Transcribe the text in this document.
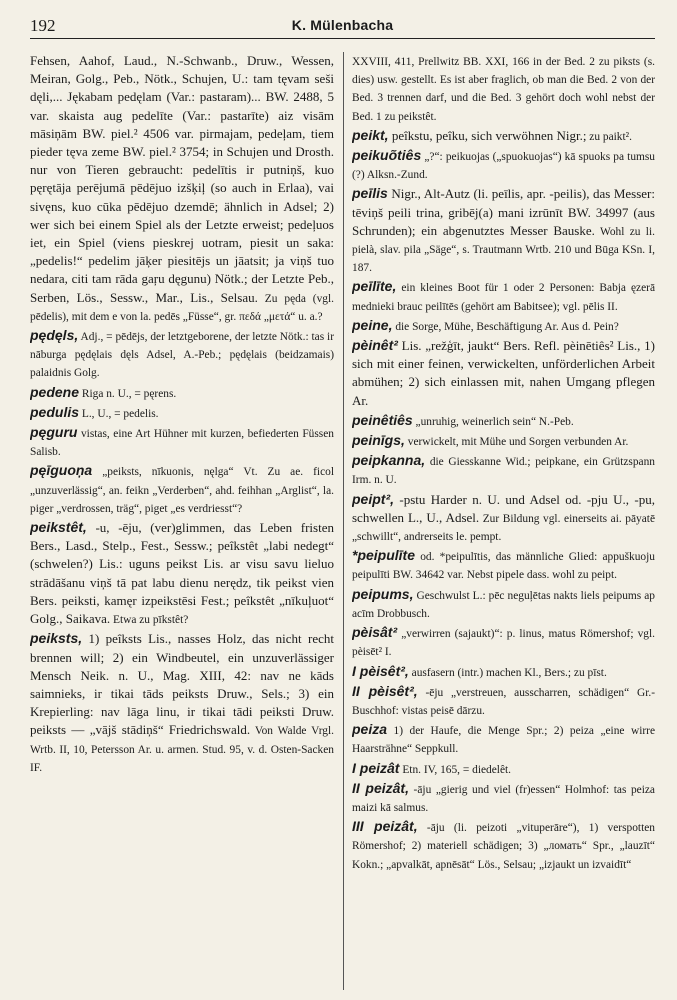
192	K. Mülenbacha

Fehsen, Aahof, Laud., N.-Schwanb., Druw., Wessen, Meiran, Golg., Peb., Nötk., Schujen, U.: tam tęvam seši dęli,... Jękabam pedęlam (Var.: pastaram)... BW. 2488, 5 var. skaista aug pedelīte (Var.: pastarīte) aiz visām māsiņām BW. piel.² 4506 var. pirmajam, pedeļam, tiem pieder tęva zeme BW. piel.² 3754; in Schujen und Drosth. nur von Tieren gebraucht: pedelītis ir putniņš, kuo pęrętāja perējumā pēdējuo izšķiļ (so auch in Erlaa), vai sivęns, kuo cūka pēdējuo dzemdē; ähnlich in Adsel; 2) wer sich bei einem Spiel als der Letzte erweist; pedeļuos iet, ein Spiel (viens pieskrej uotram, piesit un saka: „pedelis!“ pedelim jāķer piesitējs un jāatsit; ja viņš tuo nedara, citi tam rāda gaŗu dęgunu) Nötk.; der Letzte Peb., Serben, Lös., Sessw., Mar., Lis., Selsau. Zu pęda (vgl. pēdelis), mit dem e von la. pedēs „Füsse“, gr. πεδά „μετά“ u. a.?

pędęls, Adj., = pēdējs, der letztgeborene, der letzte Nötk.: tas ir nāburga pędęlais dęls Adsel, A.-Peb.; pędęlais (beidzamais) palaidnis Golg.

pedene Riga n. U., = pęrens.

pedulis L., U., = pedelis.

pęguru vistas, eine Art Hühner mit kurzen, befiederten Füssen Salisb.

pęīguoņa „peiksts, nīkuonis, nęlga“ Vt. Zu ae. ficol „unzuverlässig“, an. feikn „Verderben“, ahd. feihhan „Arglist“, la. piger „verdrossen, träg“, piget „es verdriesst“?

peikstêt, -u, -ēju, (ver)glimmen, das Leben fristen Bers., Lasd., Stelp., Fest., Sessw.; peîkstêt „labi nedegt“ (schwelen?) Lis.: uguns peikst Lis. ar visu savu lieluo strādāšanu viņš tā pat labu dienu nerędz, tik peikst vien Bers. peiksti, kamęr izpeikstēsi Fest.; peîkstêt „nīkuļuot“ Golg., Saikava. Etwa zu pīkstêt?

peiksts, 1) peîksts Lis., nasses Holz, das nicht recht brennen will; 2) ein Windbeutel, ein unzuverlässiger Mensch Neik. n. U., Mag. XIII, 42: nav ne kāds saimnieks, ir tikai tāds peiksts Druw., Sels.; 3) ein Krepierling: nav lāga linu, ir tikai tādi peiksti Druw. peiksts — „vājš stādiņš“ Friedrichswald. Von Walde Vrgl. Wrtb. II, 10, Petersson Ar. u. armen. Stud. 95, v. d. Osten-Sacken IF.

XXVIII, 411, Prellwitz BB. XXI, 166 in der Bed. 2 zu piksts (s. dies) usw. gestellt. Es ist aber fraglich, ob man die Bed. 2 von der Bed. 3 trennen darf, und die Bed. 3 gehört doch wohl nebst der Bed. 1 zu peikstêt.

peikt, peîkstu, peîku, sich verwöhnen Nigr.; zu paikt².

peikuõtiês „?“: peikuojas („spuokuojas“) kā spuoks pa tumsu (?) Alksn.-Zund.

peīlis Nigr., Alt-Autz (li. peīlis, apr. -peilis), das Messer: tēviņš peili trina, gribēj(a) mani izrūnīt BW. 34997 (aus Schrunden); ein abgenutztes Messer Bauske. Wohl zu li. pielà, slav. pila „Säge“, s. Trautmann Wrtb. 210 und Būga KSn. I, 187.

peīlīte, ein kleines Boot für 1 oder 2 Personen: Babja ęzerā mednieki brauc peilītēs (gehört am Babitsee); vgl. pēlis II.

peine, die Sorge, Mühe, Beschäftigung Ar. Aus d. Pein?

pèinêt² Lis. „režģīt, jaukt“ Bers. Refl. pèinētiês² Lis., 1) sich mit einer feinen, verwickelten, unförderlichen Arbeit abmühen; 2) sich einlassen mit, nahen Umgang pflegen Ar.

peinêtiês „unruhig, weinerlich sein“ N.-Peb.

peinīgs, verwickelt, mit Mühe und Sorgen verbunden Ar.

peipkanna, die Giesskanne Wid.; peipkane, ein Grützspann Irm. n. U.

peipt², -pstu Harder n. U. und Adsel od. -pju U., -pu, schwellen L., U., Adsel. Zur Bildung vgl. einerseits ai. pāyatē „schwillt“, andrerseits le. pempt.

*peipulīte od. *peipulītis, das männliche Glied: appuškuoju peipulīti BW. 34642 var. Nebst pipele dass. wohl zu peipt.

peipums, Geschwulst L.: pēc neguļētas nakts liels peipums ap acīm Drobbusch.

pèisât² „verwirren (sajaukt)“: p. linus, matus Römershof; vgl. pèisēt² I.

I pèisêt², ausfasern (intr.) machen Kl., Bers.; zu pīst.

II pèisêt², -ēju „verstreuen, ausscharren, schädigen“ Gr.-Buschhof: vistas peisē dārzu.

peiza 1) der Haufe, die Menge Spr.; 2) peiza „eine wirre Haarsträhne“ Seppkull.

I peizât Etn. IV, 165, = diedelêt.

II peizât, -āju „gierig und viel (fr)essen“ Holmhof: tas peiza maizi kā salmus.

III peizât, -āju (li. peizoti „vituperāre“), 1) verspotten Römershof; 2) materiell schädigen; 3) „ломать“ Spr., „lauzīt“ Kokn.; „apvalkāt, apnēsāt“ Lös., Selsau; „izjaukt un izvaidīt“
